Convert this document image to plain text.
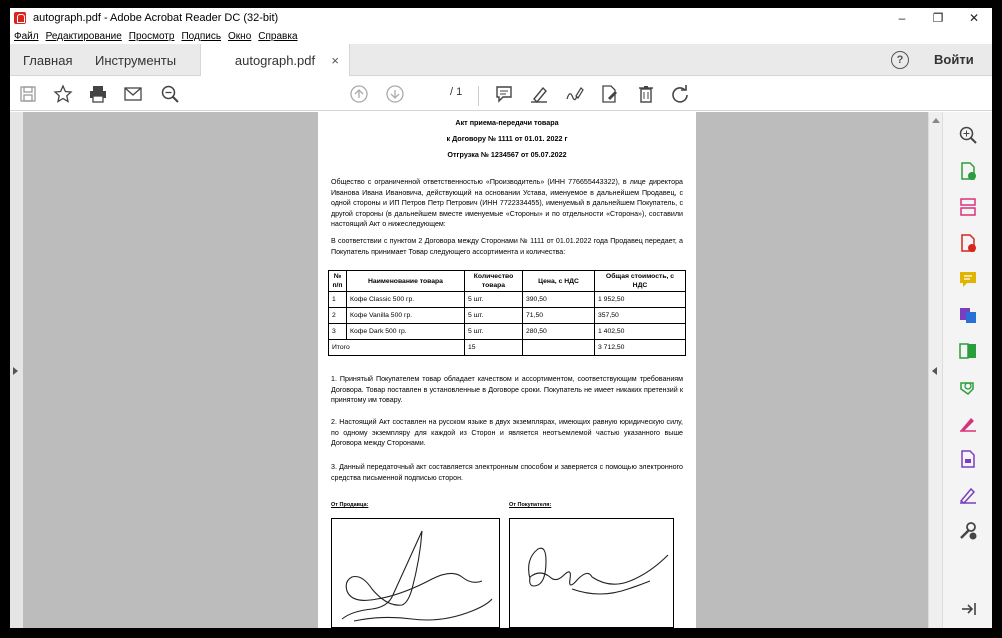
autograph.pdf - Adobe Acrobat Reader DC (32-bit)	–	❐	✕
Файл Редактирование Просмотр Подпись Окно Справка
Главная Инструменты	autograph.pdf ×	?	Войти
/ 1
Акт приема-передачи товара
к Договору № 1111 от 01.01. 2022 г
Отгрузка № 1234567 от 05.07.2022
Общество с ограниченной ответственностью «Производитель» (ИНН 776655443322), в лице директора Иванова Ивана Ивановича, действующий на основании Устава, именуемое в дальнейшем Продавец, с одной стороны и ИП Петров Петр Петрович (ИНН 7722334455), именуемый в дальнейшем Покупатель, с другой стороны (в дальнейшем вместе именуемые «Стороны» и по отдельности «Сторона»), составили настоящий Акт о нижеследующем:
В соответствии с пунктом 2 Договора между Сторонами № 1111 от 01.01.2022 года Продавец передает, а Покупатель принимает Товар следующего ассортимента и количества:
№ п/п	Наименование товара	Количество товара	Цена, с НДС	Общая стоимость, с НДС
1	Кофе Classic 500 гр.	5 шт.	390,50	1 952,50
2	Кофе Vanilla 500 гр.	5 шт.	71,50	357,50
3	Кофе Dark 500 гр.	5 шт.	280,50	1 402,50
Итого		15		3 712,50
1. Принятый Покупателем товар обладает качеством и ассортиментом, соответствующим требованиям Договора. Товар поставлен в установленные в Договоре сроки. Покупатель не имеет никаких претензий к принятому им товару.
2. Настоящий Акт составлен на русском языке в двух экземплярах, имеющих равную юридическую силу, по одному экземпляру для каждой из Сторон и является неотъемлемой частью указанного выше Договора между Сторонами.
3. Данный передаточный акт составляется электронным способом и заверяется с помощью электронного средства письменной подписью сторон.
От Продавца:	От Покупателя:
